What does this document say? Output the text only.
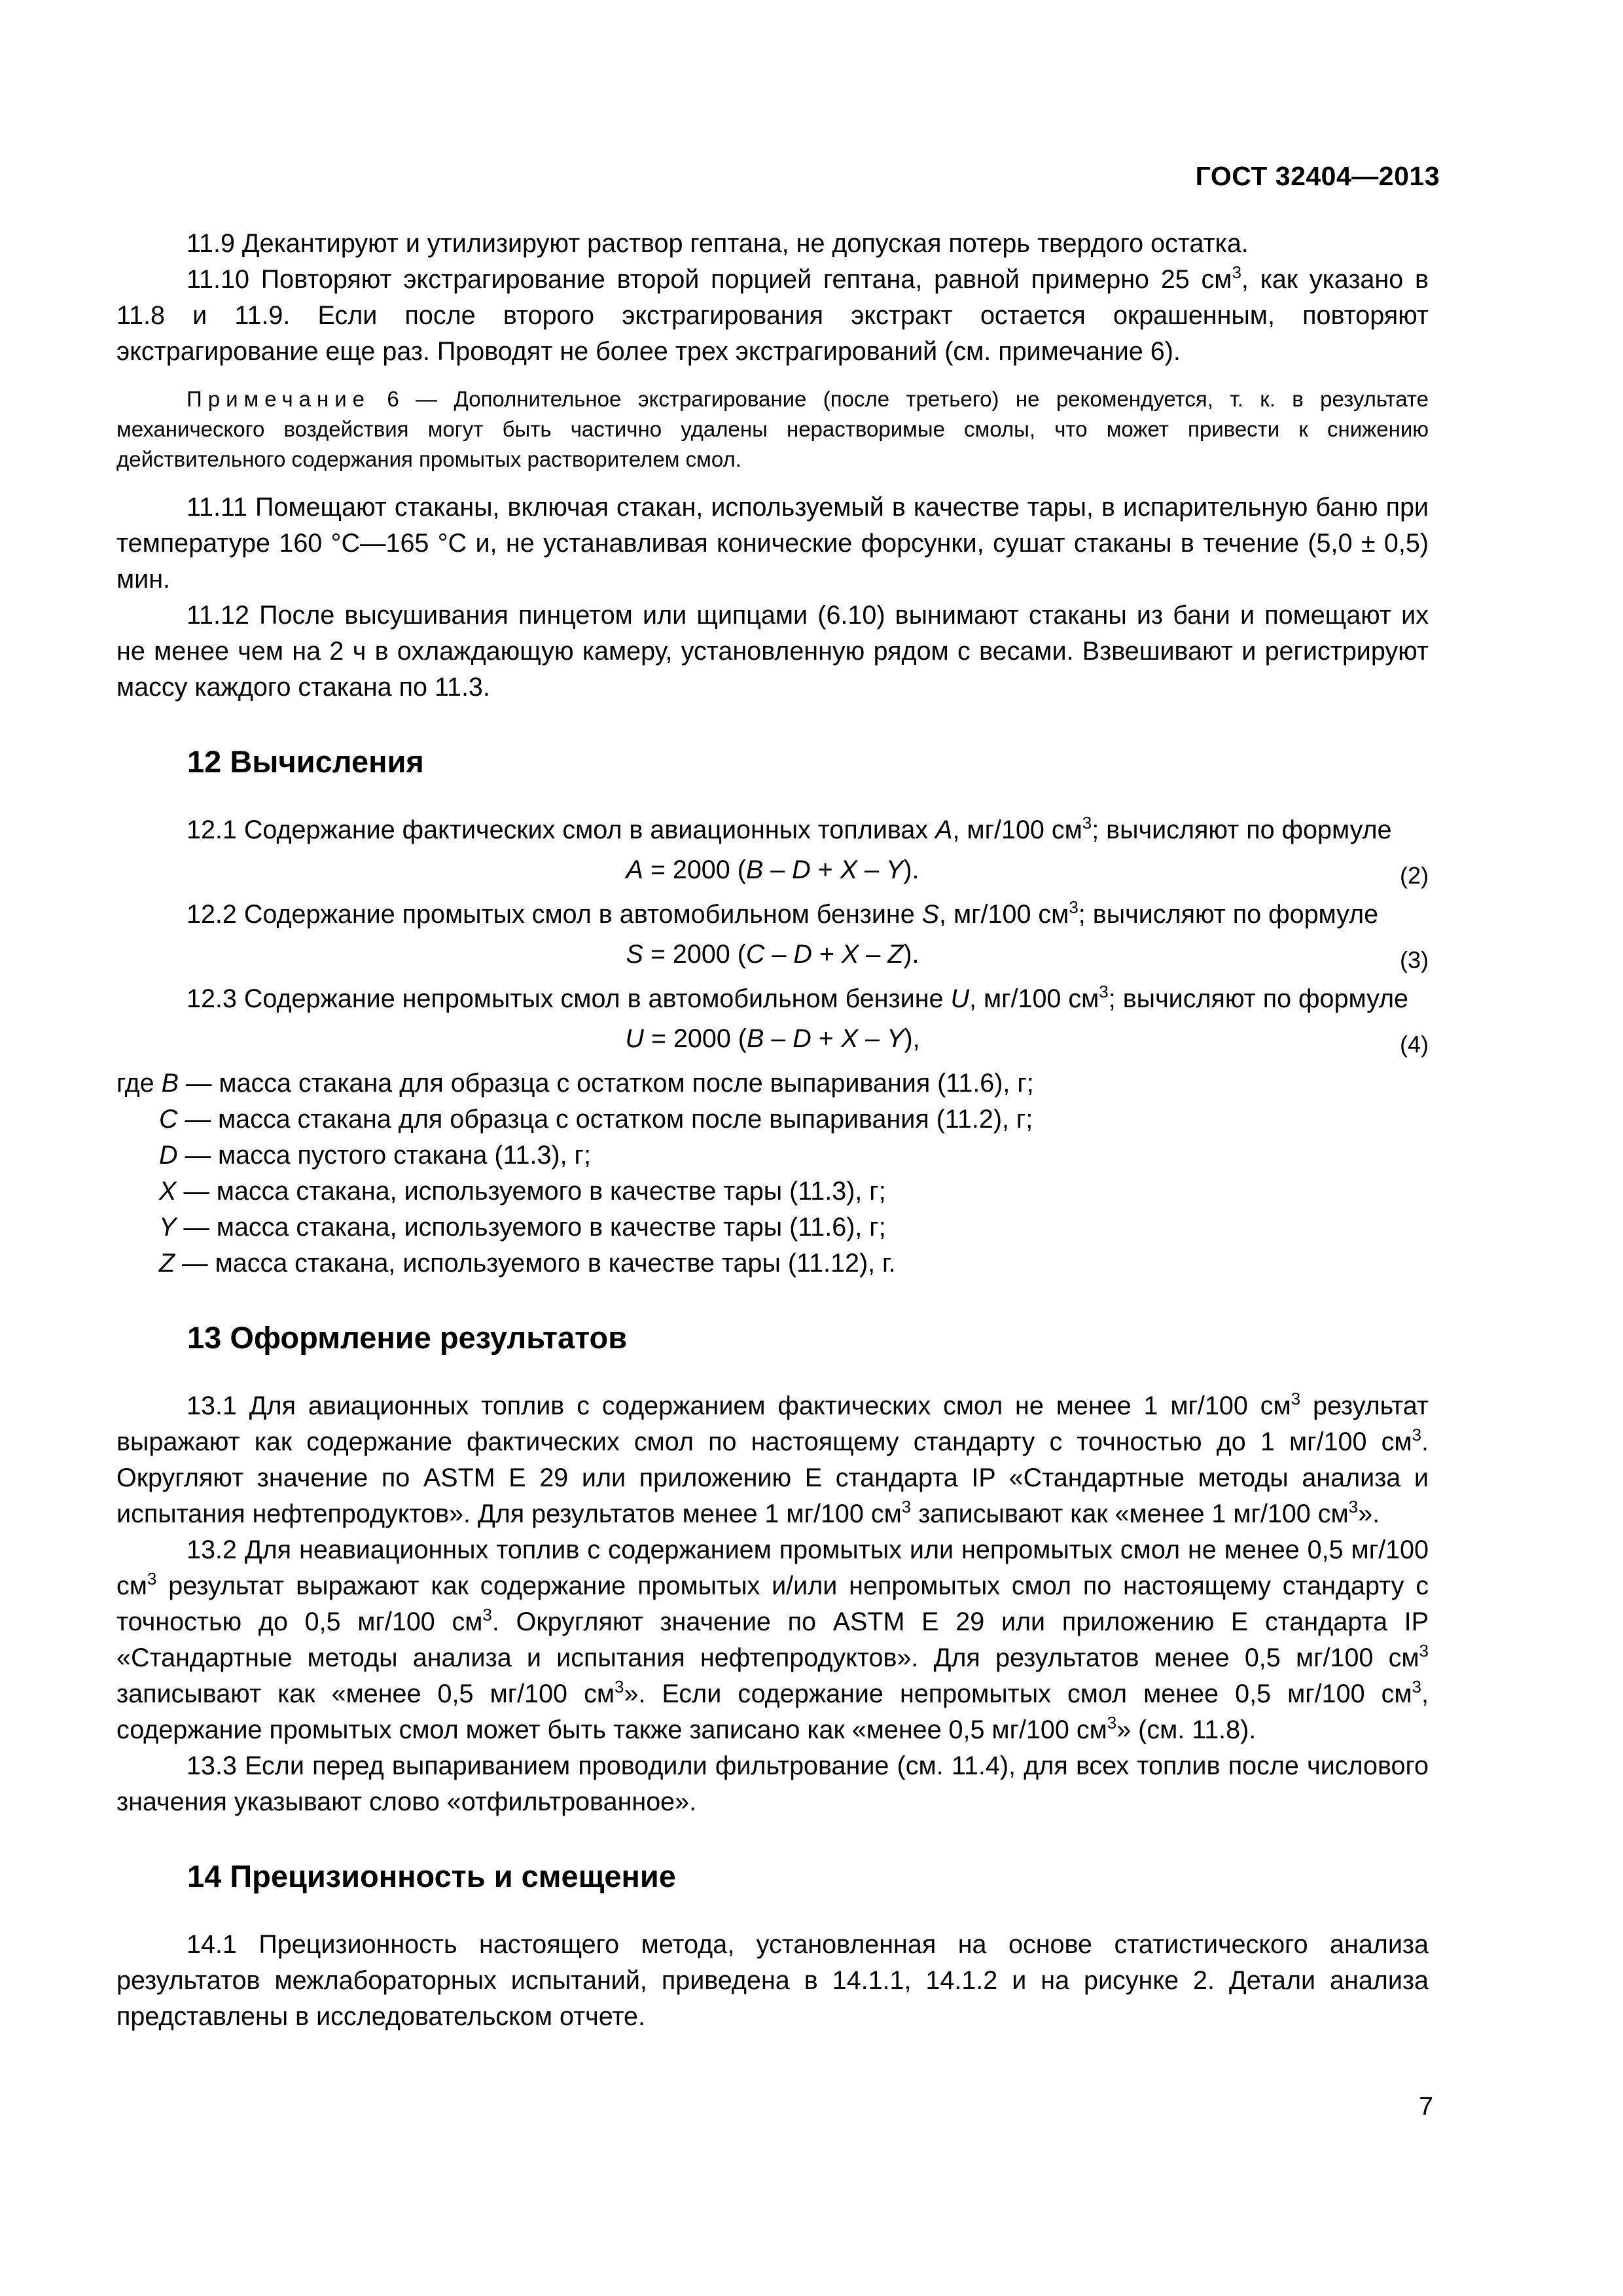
ГОСТ 32404—2013

11.9 Декантируют и утилизируют раствор гептана, не допуская потерь твердого остатка.

11.10 Повторяют экстрагирование второй порцией гептана, равной примерно 25 $см^3$, как указано в 11.8 и 11.9. Если после второго экстрагирования экстракт остается окрашенным, повторяют экстрагирование еще раз. Проводят не более трех экстрагирований (см. примечание 6).

Примечание 6 — Дополнительное экстрагирование (после третьего) не рекомендуется, т. к. в результате механического воздействия могут быть частично удалены нерастворимые смолы, что может привести к снижению действительного содержания промытых растворителем смол.

11.11 Помещают стаканы, включая стакан, используемый в качестве тары, в испарительную баню при температуре 160 °С—165 °С и, не устанавливая конические форсунки, сушат стаканы в течение (5,0 ± 0,5) мин.

11.12 После высушивания пинцетом или щипцами (6.10) вынимают стаканы из бани и помещают их не менее чем на 2 ч в охлаждающую камеру, установленную рядом с весами. Взвешивают и регистрируют массу каждого стакана по 11.3.

12 Вычисления

12.1 Содержание фактических смол в авиационных топливах А, мг/100 $см^3$; вычисляют по формуле

A = 2000 (B – D + X – Y).	(2)

12.2 Содержание промытых смол в автомобильном бензине S, мг/100 $см^3$; вычисляют по формуле

S = 2000 (C – D + X – Z).	(3)

12.3 Содержание непромытых смол в автомобильном бензине U, мг/100 $см^3$; вычисляют по формуле

U = 2000 (B – D + X – Y),	(4)
где B — масса стакана для образца с остатком после выпаривания (11.6), г;
C — масса стакана для образца с остатком после выпаривания (11.2), г;
D — масса пустого стакана (11.3), г;
X — масса стакана, используемого в качестве тары (11.3), г;
Y — масса стакана, используемого в качестве тары (11.6), г;
Z — масса стакана, используемого в качестве тары (11.12), г.
13 Оформление результатов

13.1 Для авиационных топлив с содержанием фактических смол не менее 1 мг/100 $см^3$ результат выражают как содержание фактических смол по настоящему стандарту с точностью до 1 мг/100 $см^3$. Округляют значение по ASTM E 29 или приложению E стандарта IP «Стандартные методы анализа и испытания нефтепродуктов». Для результатов менее 1 мг/100 $см^3$ записывают как «менее 1 мг/100 $см^3$».

13.2 Для неавиационных топлив с содержанием промытых или непромытых смол не менее 0,5 мг/100 $см^3$ результат выражают как содержание промытых и/или непромытых смол по настоящему стандарту с точностью до 0,5 мг/100 $см^3$. Округляют значение по ASTM E 29 или приложению E стандарта IP «Стандартные методы анализа и испытания нефтепродуктов». Для результатов менее 0,5 мг/100 $см^3$ записывают как «менее 0,5 мг/100 $см^3$». Если содержание непромытых смол менее 0,5 мг/100 $см^3$, содержание промытых смол может быть также записано как «менее 0,5 мг/100 $см^3$» (см. 11.8).

13.3 Если перед выпариванием проводили фильтрование (см. 11.4), для всех топлив после числового значения указывают слово «отфильтрованное».

14 Прецизионность и смещение

14.1 Прецизионность настоящего метода, установленная на основе статистического анализа результатов межлабораторных испытаний, приведена в 14.1.1, 14.1.2 и на рисунке 2. Детали анализа представлены в исследовательском отчете.

7
